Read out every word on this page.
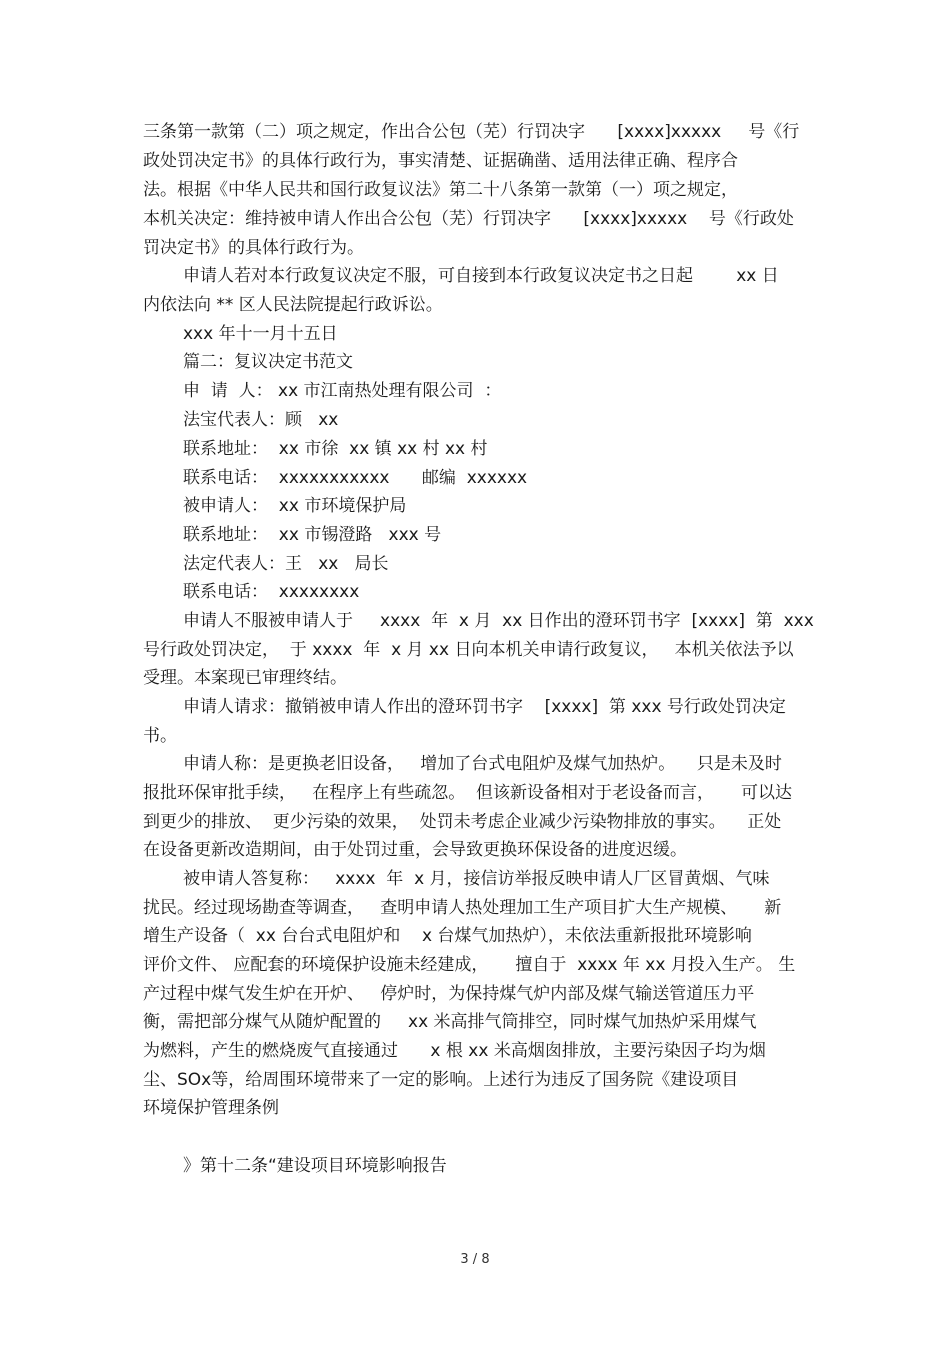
三条第一款第（二）项之规定，作出合公包（芜）行罚决字      [xxxx]xxxxx     号《行
政处罚决定书》的具体行政行为，事实清楚、证据确凿、适用法律正确、程序合
法。根据《中华人民共和国行政复议法》第二十八条第一款第（一）项之规定，
本机关决定：维持被申请人作出合公包（芜）行罚决字      [xxxx]xxxxx    号《行政处
罚决定书》的具体行政行为。
申请人若对本行政复议决定不服，可自接到本行政复议决定书之日起        xx 日
内依法向 ** 区人民法院提起行政诉讼。
xxx 年十一月十五日
篇二：复议决定书范文
申  请  人： xx 市江南热处理有限公司  ：
法宝代表人：顾   xx
联系地址：  xx 市徐  xx 镇 xx 村 xx 村
联系电话：  xxxxxxxxxxx      邮编  xxxxxx
被申请人：  xx 市环境保护局
联系地址：  xx 市锡澄路   xxx 号
法定代表人：王   xx   局长
联系电话：  xxxxxxxx
申请人不服被申请人于     xxxx  年  x 月  xx 日作出的澄环罚书字  [xxxx]  第  xxx
号行政处罚决定，  于 xxxx  年  x 月 xx 日向本机关申请行政复议，   本机关依法予以
受理。本案现已审理终结。
申请人请求：撤销被申请人作出的澄环罚书字    [xxxx]  第 xxx 号行政处罚决定
书。
申请人称：是更换老旧设备，   增加了台式电阻炉及煤气加热炉。    只是未及时
报批环保审批手续，   在程序上有些疏忽。  但该新设备相对于老设备而言，     可以达
到更少的排放、  更少污染的效果，  处罚未考虑企业减少污染物排放的事实。    正处
在设备更新改造期间，由于处罚过重，会导致更换环保设备的进度迟缓。
被申请人答复称：   xxxx  年  x 月，接信访举报反映申请人厂区冒黄烟、气味
扰民。经过现场勘查等调查，   查明申请人热处理加工生产项目扩大生产规模、     新
增生产设备（  xx 台台式电阻炉和    x 台煤气加热炉），未依法重新报批环境影响
评价文件、 应配套的环境保护设施未经建成，     擅自于  xxxx 年 xx 月投入生产。 生
产过程中煤气发生炉在开炉、   停炉时，为保持煤气炉内部及煤气输送管道压力平
衡，需把部分煤气从随炉配置的     xx 米高排气筒排空，同时煤气加热炉采用煤气
为燃料，产生的燃烧废气直接通过      x 根 xx 米高烟囱排放，主要污染因子均为烟
尘、SOx等，给周围环境带来了一定的影响。上述行为违反了国务院《建设项目
环境保护管理条例
》第十二条“建设项目环境影响报告
3 / 8
